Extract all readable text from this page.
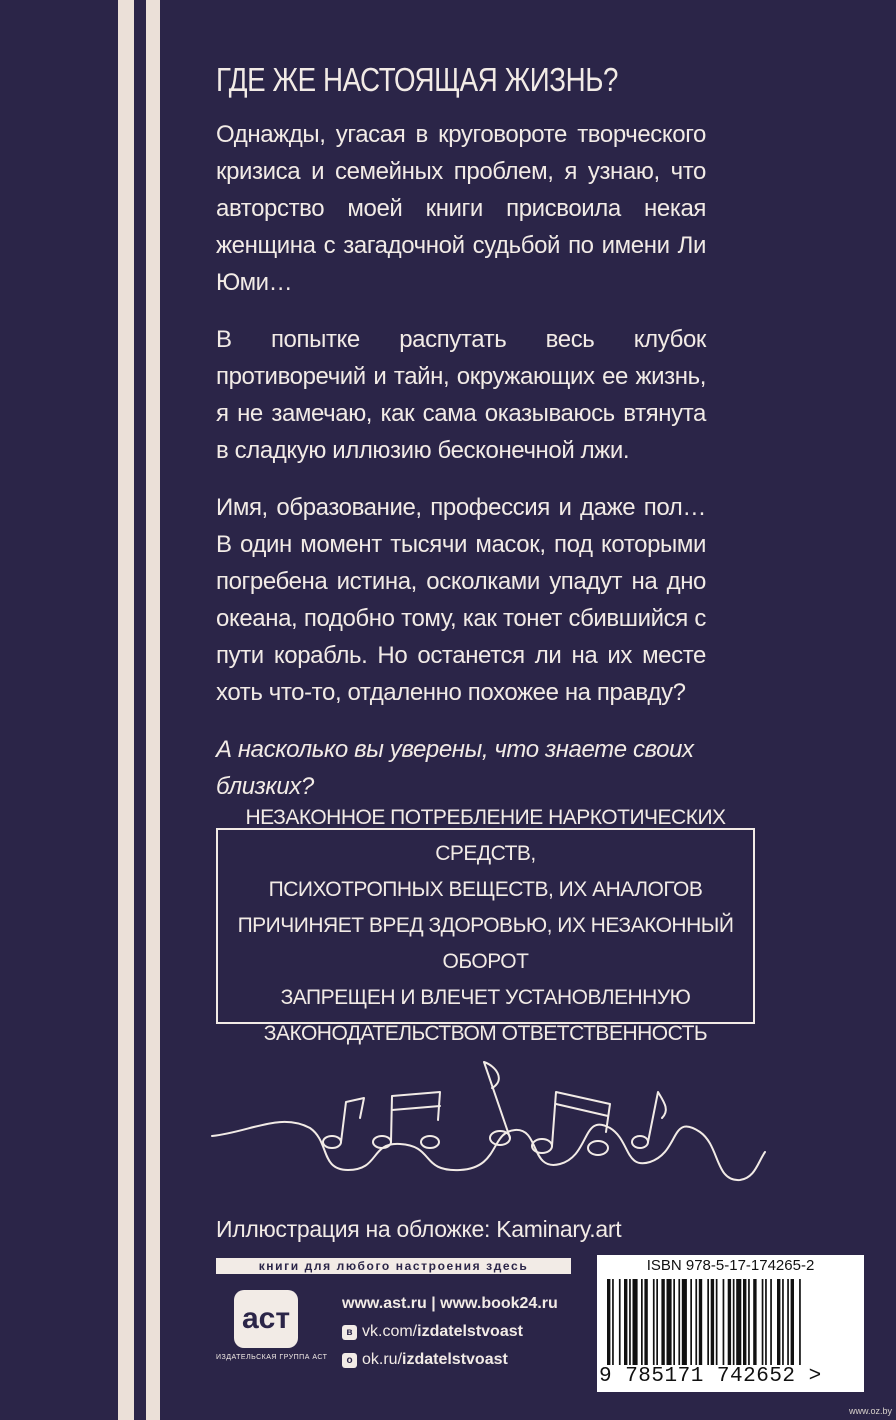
ГДЕ ЖЕ НАСТОЯЩАЯ ЖИЗНЬ?

Однажды, угасая в круговороте творческого кризиса и семейных проблем, я узнаю, что авторство моей книги присвоила некая женщина с загадочной судьбой по имени Ли Юми…

В попытке распутать весь клубок противоречий и тайн, окружающих ее жизнь, я не замечаю, как сама оказываюсь втянута в сладкую иллюзию бесконечной лжи.

Имя, образование, профессия и даже пол… В один момент тысячи масок, под которыми погребена истина, осколками упадут на дно океана, подобно тому, как тонет сбившийся с пути корабль. Но останется ли на их месте хоть что-то, отдаленно похожее на правду?

А насколько вы уверены, что знаете своих близких?

НЕЗАКОННОЕ ПОТРЕБЛЕНИЕ НАРКОТИЧЕСКИХ СРЕДСТВ,
ПСИХОТРОПНЫХ ВЕЩЕСТВ, ИХ АНАЛОГОВ
ПРИЧИНЯЕТ ВРЕД ЗДОРОВЬЮ, ИХ НЕЗАКОННЫЙ ОБОРОТ
ЗАПРЕЩЕН И ВЛЕЧЕТ УСТАНОВЛЕННУЮ
ЗАКОНОДАТЕЛЬСТВОМ ОТВЕТСТВЕННОСТЬ

Иллюстрация на обложке: Kaminary.art
книги для любого настроения здесь
аст
ИЗДАТЕЛЬСКАЯ ГРУППА АСТ
www.ast.ru | www.book24.ru
в vk.com/ izdatelstvoast
о ok.ru/ izdatelstvoast
ISBN 978-5-17-174265-2
9 785171 742652 >
www.oz.by
